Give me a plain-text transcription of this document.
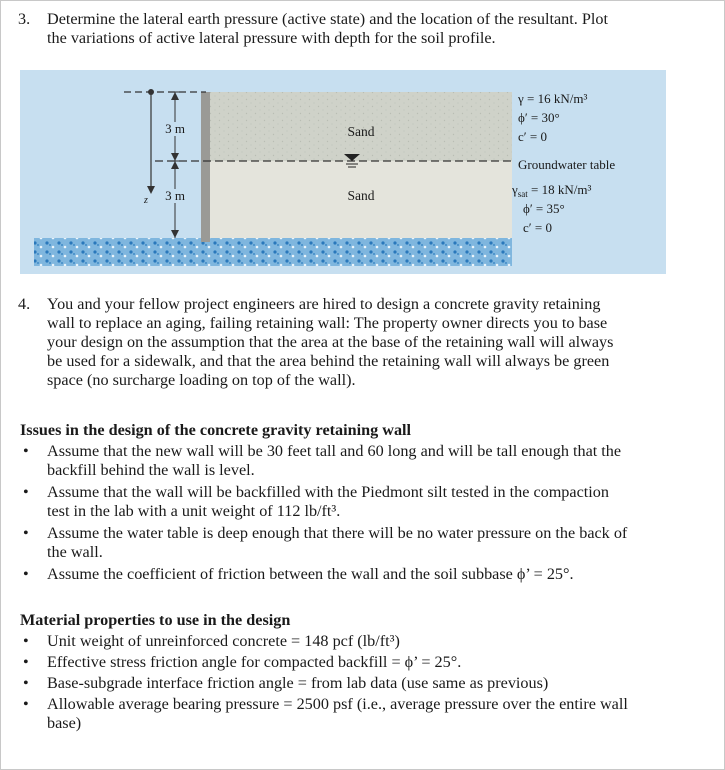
3. Determine the lateral earth pressure (active state) and the location of the resultant. Plot
the variations of active lateral pressure with depth for the soil profile.
z
3 m
3 m
Sand
Sand
γ = 16 kN/m³
ϕ′ = 30°
c′ = 0
Groundwater table
$\gamma_{sat} = 18$ kN/m³
ϕ′ = 35°
c′ = 0
4. You and your fellow project engineers are hired to design a concrete gravity retaining
wall to replace an aging, failing retaining wall: The property owner directs you to base
your design on the assumption that the area at the base of the retaining wall will always
be used for a sidewalk, and that the area behind the retaining wall will always be green
space (no surcharge loading on top of the wall).
Issues in the design of the concrete gravity retaining wall
• Assume that the new wall will be 30 feet tall and 60 long and will be tall enough that the
backfill behind the wall is level.
• Assume that the wall will be backfilled with the Piedmont silt tested in the compaction
test in the lab with a unit weight of 112 lb/ft³.
• Assume the water table is deep enough that there will be no water pressure on the back of
the wall.
• Assume the coefficient of friction between the wall and the soil subbase ϕ’ = 25°.
Material properties to use in the design
• Unit weight of unreinforced concrete = 148 pcf (lb/ft³)
• Effective stress friction angle for compacted backfill = ϕ’ = 25°.
• Base-subgrade interface friction angle = from lab data (use same as previous)
• Allowable average bearing pressure = 2500 psf (i.e., average pressure over the entire wall
base)
